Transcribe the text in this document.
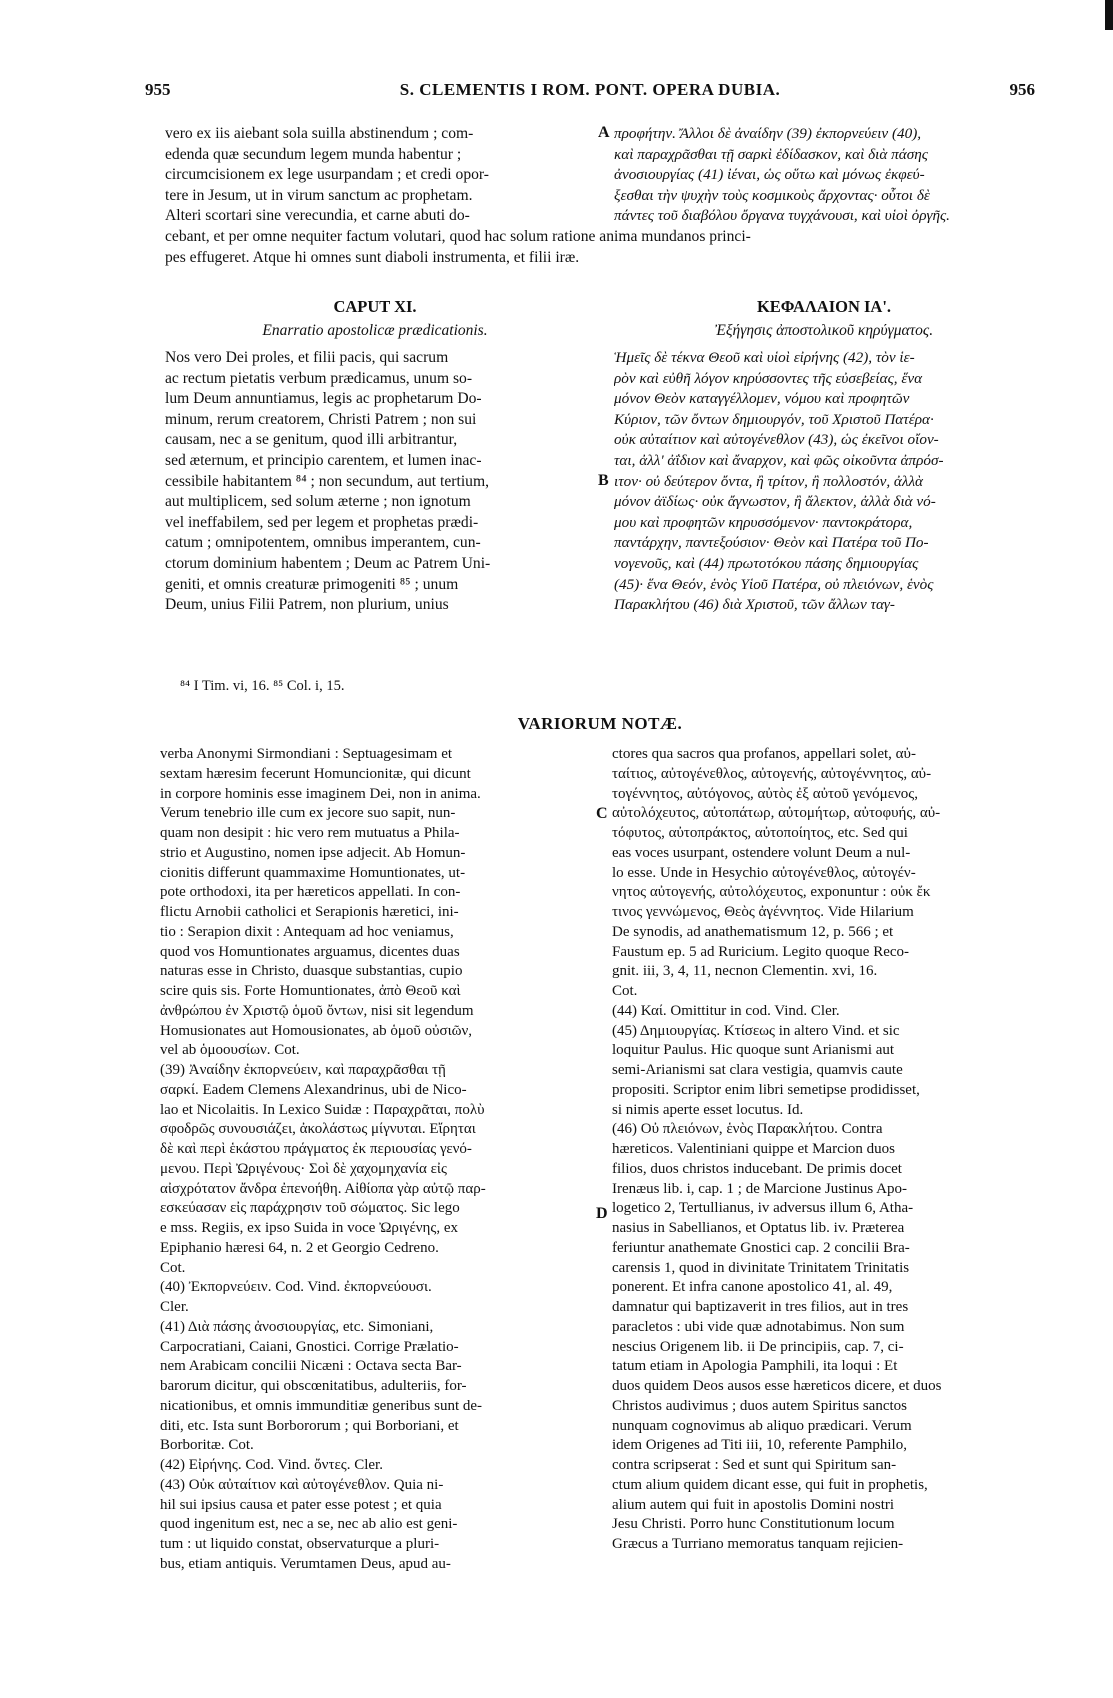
955	S. CLEMENTIS I ROM. PONT. OPERA DUBIA.	956
vero ex iis aiebant sola suilla abstinendum ; com-
edenda quæ secundum legem munda habentur ;
circumcisionem ex lege usurpandam ; et credi opor-
tere in Jesum, ut in virum sanctum ac prophetam.
Alteri scortari sine verecundia, et carne abuti do-
A προφήτην. Ἄλλοι δὲ ἀναίδην (39) ἐκπορνεύειν (40),
καὶ παραχρᾶσθαι τῇ σαρκὶ ἐδίδασκον, καὶ διὰ πάσης
ἀνοσιουργίας (41) ἰέναι, ὡς οὕτω καὶ μόνως ἐκφεύ-
ξεσθαι τὴν ψυχὴν τοὺς κοσμικοὺς ἄρχοντας· οὗτοι δὲ
πάντες τοῦ διαβόλου ὄργανα τυγχάνουσι, καὶ υἱοὶ ὀργῆς.
cebant, et per omne nequiter factum volutari, quod hac solum ratione anima mundanos princi-
pes effugeret. Atque hi omnes sunt diaboli instrumenta, et filii iræ.
CAPUT XI.
Enarratio apostolicæ prædicationis.
ΚΕΦΑΛΑΙΟΝ ΙΑ'.
Ἐξήγησις ἀποστολικοῦ κηρύγματος.
Nos vero Dei proles, et filii pacis, qui sacrum
ac rectum pietatis verbum prædicamus, unum so-
lum Deum annuntiamus, legis ac prophetarum Do-
minum, rerum creatorem, Christi Patrem ; non sui
causam, nec a se genitum, quod illi arbitrantur,
sed æternum, et principio carentem, et lumen inac-
cessibile habitantem ⁸⁴ ; non secundum, aut tertium,
aut multiplicem, sed solum æterne ; non ignotum
vel ineffabilem, sed per legem et prophetas prædi-
catum ; omnipotentem, omnibus imperantem, cun-
ctorum dominium habentem ; Deum ac Patrem Uni-
geniti, et omnis creaturæ primogeniti ⁸⁵ ; unum
Deum, unius Filii Patrem, non plurium, unius
B
Ἡμεῖς δὲ τέκνα Θεοῦ καὶ υἱοὶ εἰρήνης (42), τὸν ἱε-
ρὸν καὶ εὐθῆ λόγον κηρύσσοντες τῆς εὐσεβείας, ἕνα
μόνον Θεὸν καταγγέλλομεν, νόμου καὶ προφητῶν
Κύριον, τῶν ὄντων δημιουργόν, τοῦ Χριστοῦ Πατέρα·
οὐκ αὐταίτιον καὶ αὐτογένεθλον (43), ὡς ἐκεῖνοι οἴον-
ται, ἀλλ' ἀΐδιον καὶ ἄναρχον, καὶ φῶς οἰκοῦντα ἀπρόσ-
ιτον· οὐ δεύτερον ὄντα, ἢ τρίτον, ἢ πολλοστόν, ἀλλὰ
μόνον ἀϊδίως· οὐκ ἄγνωστον, ἢ ἄλεκτον, ἀλλὰ διὰ νό-
μου καὶ προφητῶν κηρυσσόμενον· παντοκράτορα,
παντάρχην, παντεξούσιον· Θεὸν καὶ Πατέρα τοῦ Πο-
νογενοῦς, καὶ (44) πρωτοτόκου πάσης δημιουργίας
(45)· ἕνα Θεόν, ἑνὸς Υἱοῦ Πατέρα, οὐ πλειόνων, ἑνὸς
Παρακλήτου (46) διὰ Χριστοῦ, τῶν ἄλλων ταγ-
⁸⁴ I Tim. vi, 16. ⁸⁵ Col. i, 15.
VARIORUM NOTÆ.
verba Anonymi Sirmondiani : Septuagesimam et
sextam hæresim fecerunt Homuncionitæ, qui dicunt
in corpore hominis esse imaginem Dei, non in anima.
Verum tenebrio ille cum ex jecore suo sapit, nun-
quam non desipit : hic vero rem mutuatus a Phila-
strio et Augustino, nomen ipse adjecit. Ab Homun-
cionitis differunt quammaxime Homuntionates, ut-
pote orthodoxi, ita per hæreticos appellati. In con-
flictu Arnobii catholici et Serapionis hæretici, ini-
tio : Serapion dixit : Antequam ad hoc veniamus,
quod vos Homuntionates arguamus, dicentes duas
naturas esse in Christo, duasque substantias, cupio
scire quis sis. Forte Homuntionates, ἀπὸ Θεοῦ καὶ
ἀνθρώπου ἐν Χριστῷ ὁμοῦ ὄντων, nisi sit legendum
Homusionates aut Homousionates, ab ὁμοῦ οὐσιῶν,
vel ab ὁμοουσίων. Cot.
(39) Ἀναίδην ἐκπορνεύειν, καὶ παραχρᾶσθαι τῇ
σαρκί. Eadem Clemens Alexandrinus, ubi de Nico-
lao et Nicolaitis. In Lexico Suidæ : Παραχρᾶται, πολὺ
σφοδρῶς συνουσιάζει, ἀκολάστως μίγνυται. Εἴρηται
δὲ καὶ περὶ ἑκάστου πράγματος ἐκ περιουσίας γενό-
μενου. Περὶ Ὠριγένους· Σοὶ δὲ χαχομηχανία εἰς
αἰσχρότατον ἄνδρα ἐπενοήθη. Αἰθίοπα γὰρ αὐτῷ παρ-
εσκεύασαν εἰς παράχρησιν τοῦ σώματος. Sic lego
e mss. Regiis, ex ipso Suida in voce Ὠριγένης, ex
Epiphanio hæresi 64, n. 2 et Georgio Cedreno.
Cot.
(40) Ἐκπορνεύειν. Cod. Vind. ἐκπορνεύουσι.
Cler.
(41) Διὰ πάσης ἀνοσιουργίας, etc. Simoniani,
Carpocratiani, Caiani, Gnostici. Corrige Prælatio-
nem Arabicam concilii Nicæni : Octava secta Bar-
barorum dicitur, qui obscœnitatibus, adulteriis, for-
nicationibus, et omnis immunditiæ generibus sunt de-
diti, etc. Ista sunt Borbororum ; qui Borboriani, et
Borboritæ. Cot.
(42) Εἰρήνης. Cod. Vind. ὄντες. Cler.
(43) Οὐκ αὐταίτιον καὶ αὐτογένεθλον. Quia ni-
hil sui ipsius causa et pater esse potest ; et quia
quod ingenitum est, nec a se, nec ab alio est geni-
tum : ut liquido constat, observaturque a pluri-
bus, etiam antiquis. Verumtamen Deus, apud au-
C
D
ctores qua sacros qua profanos, appellari solet, αὐ-
ταίτιος, αὐτογένεθλος, αὐτογενής, αὐτογέννητος, αὐ-
τογέννητος, αὐτόγονος, αὐτὸς ἐξ αὐτοῦ γενόμενος,
αὐτολόχευτος, αὐτοπάτωρ, αὐτομήτωρ, αὐτοφυής, αὐ-
τόφυτος, αὐτοπράκτος, αὐτοποίητος, etc. Sed qui
eas voces usurpant, ostendere volunt Deum a nul-
lo esse. Unde in Hesychio αὐτογένεθλος, αὐτογέν-
νητος αὐτογενής, αὐτολόχευτος, exponuntur : οὐκ ἔκ
τινος γεννώμενος, Θεὸς ἀγέννητος. Vide Hilarium
De synodis, ad anathematismum 12, p. 566 ; et
Faustum ep. 5 ad Ruricium. Legito quoque Reco-
gnit. iii, 3, 4, 11, necnon Clementin. xvi, 16.
Cot.
(44) Καί. Omittitur in cod. Vind. Cler.
(45) Δημιουργίας. Κτίσεως in altero Vind. et sic
loquitur Paulus. Hic quoque sunt Arianismi aut
semi-Arianismi sat clara vestigia, quamvis caute
propositi. Scriptor enim libri semetipse prodidisset,
si nimis aperte esset locutus. Id.
(46) Οὐ πλειόνων, ἑνὸς Παρακλήτου. Contra
hæreticos. Valentiniani quippe et Marcion duos
filios, duos christos inducebant. De primis docet
Irenæus lib. i, cap. 1 ; de Marcione Justinus Apo-
logetico 2, Tertullianus, iv adversus illum 6, Atha-
nasius in Sabellianos, et Optatus lib. iv. Præterea
feriuntur anathemate Gnostici cap. 2 concilii Bra-
carensis 1, quod in divinitate Trinitatem Trinitatis
ponerent. Et infra canone apostolico 41, al. 49,
damnatur qui baptizaverit in tres filios, aut in tres
paracletos : ubi vide quæ adnotabimus. Non sum
nescius Origenem lib. ii De principiis, cap. 7, ci-
tatum etiam in Apologia Pamphili, ita loqui : Et
duos quidem Deos ausos esse hæreticos dicere, et duos
Christos audivimus ; duos autem Spiritus sanctos
nunquam cognovimus ab aliquo prædicari. Verum
idem Origenes ad Titi iii, 10, referente Pamphilo,
contra scripserat : Sed et sunt qui Spiritum san-
ctum alium quidem dicant esse, qui fuit in prophetis,
alium autem qui fuit in apostolis Domini nostri
Jesu Christi. Porro hunc Constitutionum locum
Græcus a Turriano memoratus tanquam rejicien-
